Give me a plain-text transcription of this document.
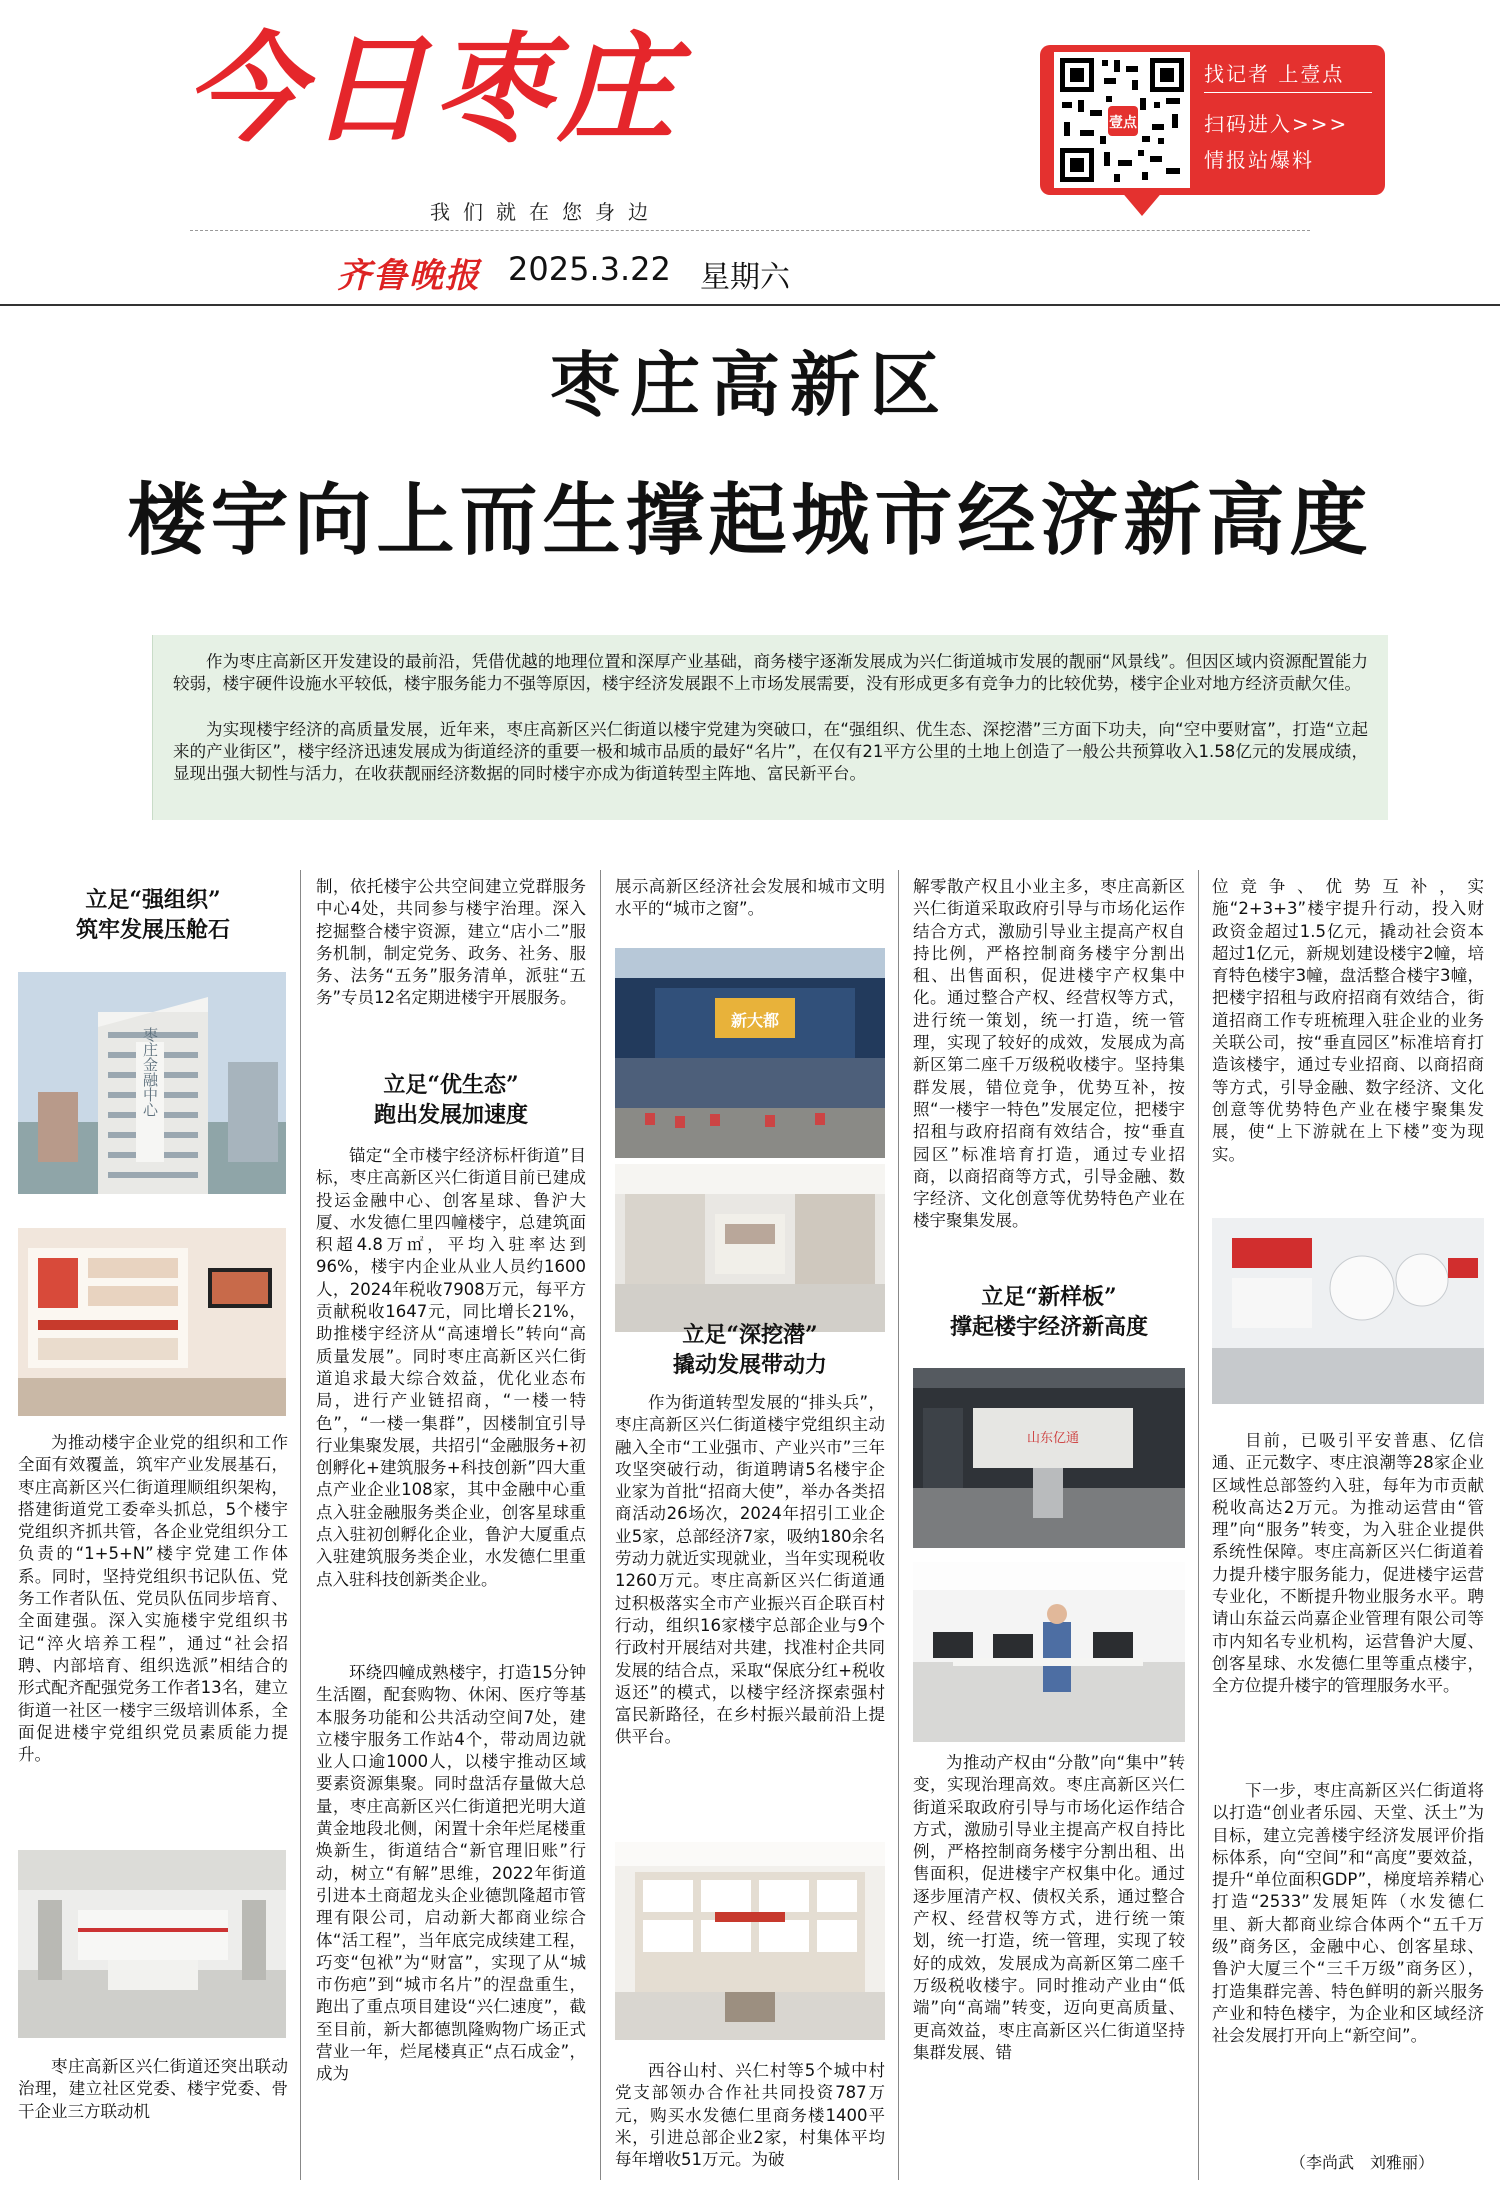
今日枣庄
我们就在您身边
齐鲁晚报 2025.3.22 星期六
壹点
找记者 上壹点
扫码进入>>>
情报站爆料
枣庄高新区
楼宇向上而生撑起城市经济新高度

作为枣庄高新区开发建设的最前沿，凭借优越的地理位置和深厚产业基础，商务楼宇逐渐发展成为兴仁街道城市发展的靓丽“风景线”。但因区域内资源配置能力较弱，楼宇硬件设施水平较低，楼宇服务能力不强等原因，楼宇经济发展跟不上市场发展需要，没有形成更多有竞争力的比较优势，楼宇企业对地方经济贡献欠佳。

为实现楼宇经济的高质量发展，近年来，枣庄高新区兴仁街道以楼宇党建为突破口，在“强组织、优生态、深挖潜”三方面下功夫，向“空中要财富”，打造“立起来的产业街区”，楼宇经济迅速发展成为街道经济的重要一极和城市品质的最好“名片”，在仅有21平方公里的土地上创造了一般公共预算收入1.58亿元的发展成绩，显现出强大韧性与活力，在收获靓丽经济数据的同时楼宇亦成为街道转型主阵地、富民新平台。

立足“强组织”
筑牢发展压舱石
枣庄金融中心

为推动楼宇企业党的组织和工作全面有效覆盖，筑牢产业发展基石，枣庄高新区兴仁街道理顺组织架构，搭建街道党工委牵头抓总，5个楼宇党组织齐抓共管，各企业党组织分工负责的“1+5+N”楼宇党建工作体系。同时，坚持党组织书记队伍、党务工作者队伍、党员队伍同步培育、全面建强。深入实施楼宇党组织书记“淬火培养工程”，通过“社会招聘、内部培育、组织选派”相结合的形式配齐配强党务工作者13名，建立街道一社区一楼宇三级培训体系，全面促进楼宇党组织党员素质能力提升。

枣庄高新区兴仁街道还突出联动治理，建立社区党委、楼宇党委、骨干企业三方联动机

制，依托楼宇公共空间建立党群服务中心4处，共同参与楼宇治理。深入挖掘整合楼宇资源，建立“店小二”服务机制，制定党务、政务、社务、服务、法务“五务”服务清单，派驻“五务”专员12名定期进楼宇开展服务。

立足“优生态”
跑出发展加速度

锚定“全市楼宇经济标杆街道”目标，枣庄高新区兴仁街道目前已建成投运金融中心、创客星球、鲁沪大厦、水发德仁里四幢楼宇，总建筑面积超4.8万㎡，平均入驻率达到96%，楼宇内企业从业人员约1600人，2024年税收7908万元，每平方贡献税收1647元，同比增长21%，助推楼宇经济从“高速增长”转向“高质量发展”。同时枣庄高新区兴仁街道追求最大综合效益，优化业态布局，进行产业链招商，“一楼一特色”，“一楼一集群”，因楼制宜引导行业集聚发展，共招引“金融服务+初创孵化+建筑服务+科技创新”四大重点产业企业108家，其中金融中心重点入驻金融服务类企业，创客星球重点入驻初创孵化企业，鲁沪大厦重点入驻建筑服务类企业，水发德仁里重点入驻科技创新类企业。

环绕四幢成熟楼宇，打造15分钟生活圈，配套购物、休闲、医疗等基本服务功能和公共活动空间7处，建立楼宇服务工作站4个，带动周边就业人口逾1000人，以楼宇推动区域要素资源集聚。同时盘活存量做大总量，枣庄高新区兴仁街道把光明大道黄金地段北侧，闲置十余年烂尾楼重焕新生，街道结合“新官理旧账”行动，树立“有解”思维，2022年街道引进本土商超龙头企业德凯隆超市管理有限公司，启动新大都商业综合体“活工程”，当年底完成续建工程，巧变“包袱”为“财富”，实现了从“城市伤疤”到“城市名片”的涅盘重生，跑出了重点项目建设“兴仁速度”，截至目前，新大都德凯隆购物广场正式营业一年，烂尾楼真正“点石成金”，成为

展示高新区经济社会发展和城市文明水平的“城市之窗”。

新大都
立足“深挖潜”
撬动发展带动力

作为街道转型发展的“排头兵”，枣庄高新区兴仁街道楼宇党组织主动融入全市“工业强市、产业兴市”三年攻坚突破行动，街道聘请5名楼宇企业家为首批“招商大使”，举办各类招商活动26场次，2024年招引工业企业5家，总部经济7家，吸纳180余名劳动力就近实现就业，当年实现税收1260万元。枣庄高新区兴仁街道通过积极落实全市产业振兴百企联百村行动，组织16家楼宇总部企业与9个行政村开展结对共建，找准村企共同发展的结合点，采取“保底分红+税收返还”的模式，以楼宇经济探索强村富民新路径，在乡村振兴最前沿上提供平台。

西谷山村、兴仁村等5个城中村党支部领办合作社共同投资787万元，购买水发德仁里商务楼1400平米，引进总部企业2家，村集体平均每年增收51万元。为破

解零散产权且小业主多，枣庄高新区兴仁街道采取政府引导与市场化运作结合方式，激励引导业主提高产权自持比例，严格控制商务楼宇分割出租、出售面积，促进楼宇产权集中化。通过整合产权、经营权等方式，进行统一策划，统一打造，统一管理，实现了较好的成效，发展成为高新区第二座千万级税收楼宇。坚持集群发展，错位竞争，优势互补，按照“一楼宇一特色”发展定位，把楼宇招租与政府招商有效结合，按“垂直园区”标准培育打造，通过专业招商，以商招商等方式，引导金融、数字经济、文化创意等优势特色产业在楼宇聚集发展。

立足“新样板”
撑起楼宇经济新高度
山东亿通

为推动产权由“分散”向“集中”转变，实现治理高效。枣庄高新区兴仁街道采取政府引导与市场化运作结合方式，激励引导业主提高产权自持比例，严格控制商务楼宇分割出租、出售面积，促进楼宇产权集中化。通过逐步厘清产权、债权关系，通过整合产权、经营权等方式，进行统一策划，统一打造，统一管理，实现了较好的成效，发展成为高新区第二座千万级税收楼宇。同时推动产业由“低端”向“高端”转变，迈向更高质量、更高效益，枣庄高新区兴仁街道坚持集群发展、错

位竞争、优势互补，实施“2+3+3”楼宇提升行动，投入财政资金超过1.5亿元，撬动社会资本超过1亿元，新规划建设楼宇2幢，培育特色楼宇3幢，盘活整合楼宇3幢，把楼宇招租与政府招商有效结合，街道招商工作专班梳理入驻企业的业务关联公司，按“垂直园区”标准培育打造该楼宇，通过专业招商、以商招商等方式，引导金融、数字经济、文化创意等优势特色产业在楼宇聚集发展，使“上下游就在上下楼”变为现实。

目前，已吸引平安普惠、亿信通、正元数字、枣庄浪潮等28家企业区域性总部签约入驻，每年为市贡献税收高达2万元。为推动运营由“管理”向“服务”转变，为入驻企业提供系统性保障。枣庄高新区兴仁街道着力提升楼宇服务能力，促进楼宇运营专业化，不断提升物业服务水平。聘请山东益云尚嘉企业管理有限公司等市内知名专业机构，运营鲁沪大厦、创客星球、水发德仁里等重点楼宇，全方位提升楼宇的管理服务水平。

下一步，枣庄高新区兴仁街道将以打造“创业者乐园、天堂、沃土”为目标，建立完善楼宇经济发展评价指标体系，向“空间”和“高度”要效益，提升“单位面积GDP”，梯度培养精心打造“2533”发展矩阵（水发德仁里、新大都商业综合体两个“五千万级”商务区，金融中心、创客星球、鲁沪大厦三个“三千万级”商务区），打造集群完善、特色鲜明的新兴服务产业和特色楼宇，为企业和区域经济社会发展打开向上“新空间”。

（李尚武　刘雅丽）
